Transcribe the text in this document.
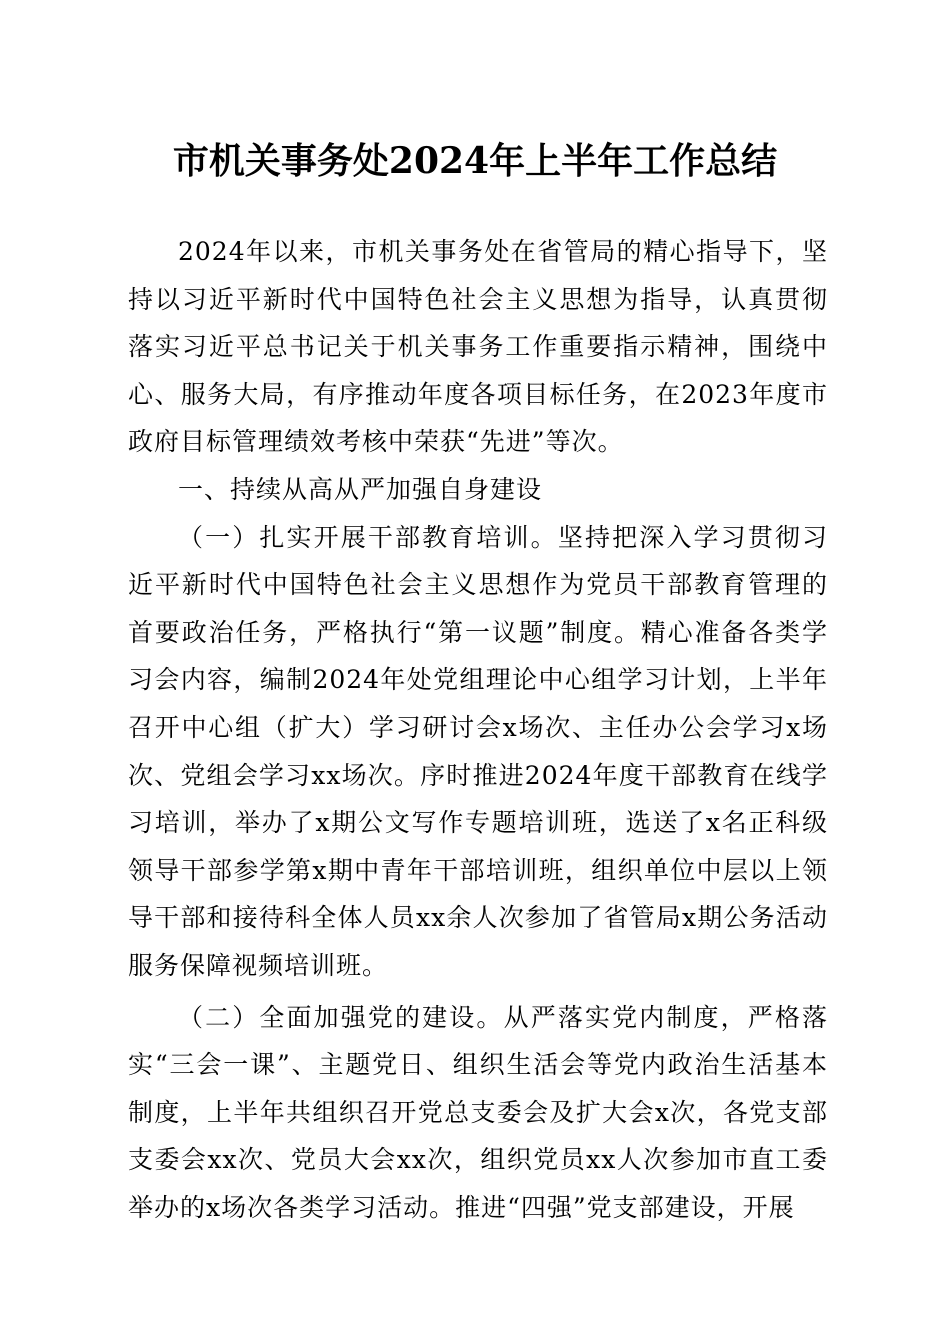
市机关事务处2024年上半年工作总结

2024年以来，市机关事务处在省管局的精心指导下，坚持以习近平新时代中国特色社会主义思想为指导，认真贯彻落实习近平总书记关于机关事务工作重要指示精神，围绕中心、服务大局，有序推动年度各项目标任务，在2023年度市政府目标管理绩效考核中荣获“先进”等次。

一、持续从高从严加强自身建设

（一）扎实开展干部教育培训。坚持把深入学习贯彻习近平新时代中国特色社会主义思想作为党员干部教育管理的首要政治任务，严格执行“第一议题”制度。精心准备各类学习会内容，编制2024年处党组理论中心组学习计划，上半年召开中心组（扩大）学习研讨会x场次、主任办公会学习x场次、党组会学习xx场次。序时推进2024年度干部教育在线学习培训，举办了x期公文写作专题培训班，选送了x名正科级领导干部参学第x期中青年干部培训班，组织单位中层以上领导干部和接待科全体人员xx余人次参加了省管局x期公务活动服务保障视频培训班。

（二）全面加强党的建设。从严落实党内制度，严格落实“三会一课”、主题党日、组织生活会等党内政治生活基本制度，上半年共组织召开党总支委会及扩大会x次，各党支部支委会xx次、党员大会xx次，组织党员xx人次参加市直工委举办的x场次各类学习活动。推进“四强”党支部建设，开展
